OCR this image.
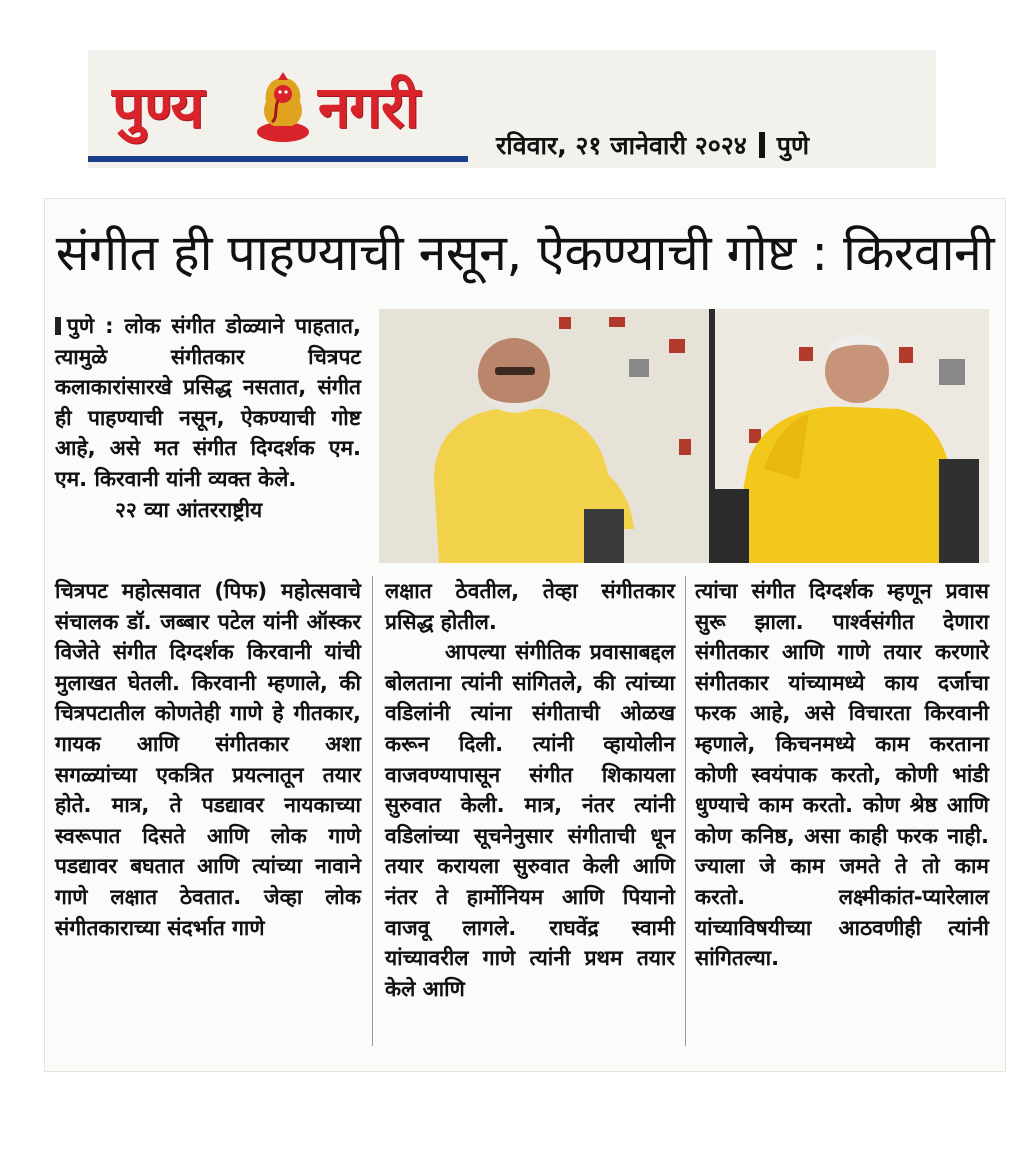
पुण्य नगरी
रविवार, २१ जानेवारी २०२४ पुणे
संगीत ही पाहण्याची नसून, ऐकण्याची गोष्ट : किरवानी

पुणे : लोक संगीत डोळ्याने पाहतात, त्यामुळे संगीतकार चित्रपट कलाकारांसारखे प्रसिद्ध नसतात, संगीत ही पाहण्याची नसून, ऐकण्याची गोष्ट आहे, असे मत संगीत दिग्दर्शक एम. एम. किरवानी यांनी व्यक्त केले.

२२ व्या आंतरराष्ट्रीय

चित्रपट महोत्सवात (पिफ) महोत्सवाचे संचालक डॉ. जब्बार पटेल यांनी ऑस्कर विजेते संगीत दिग्दर्शक किरवानी यांची मुलाखत घेतली. किरवानी म्हणाले, की चित्रपटातील कोणतेही गाणे हे गीतकार, गायक आणि संगीतकार अशा सगळ्यांच्या एकत्रित प्रयत्नातून तयार होते. मात्र, ते पडद्यावर नायकाच्या स्वरूपात दिसते आणि लोक गाणे पडद्यावर बघतात आणि त्यांच्या नावाने गाणे लक्षात ठेवतात. जेव्हा लोक संगीतकाराच्या संदर्भात गाणे

लक्षात ठेवतील, तेव्हा संगीतकार प्रसिद्ध होतील.

आपल्या संगीतिक प्रवासाबद्दल बोलताना त्यांनी सांगितले, की त्यांच्या वडिलांनी त्यांना संगीताची ओळख करून दिली. त्यांनी व्हायोलीन वाजवण्यापासून संगीत शिकायला सुरुवात केली. मात्र, नंतर त्यांनी वडिलांच्या सूचनेनुसार संगीताची धून तयार करायला सुरुवात केली आणि नंतर ते हार्मोनियम आणि पियानो वाजवू लागले. राघवेंद्र स्वामी यांच्यावरील गाणे त्यांनी प्रथम तयार केले आणि

त्यांचा संगीत दिग्दर्शक म्हणून प्रवास सुरू झाला. पार्श्वसंगीत देणारा संगीतकार आणि गाणे तयार करणारे संगीतकार यांच्यामध्ये काय दर्जाचा फरक आहे, असे विचारता किरवानी म्हणाले, किचनमध्ये काम करताना कोणी स्वयंपाक करतो, कोणी भांडी धुण्याचे काम करतो. कोण श्रेष्ठ आणि कोण कनिष्ठ, असा काही फरक नाही. ज्याला जे काम जमते ते तो काम करतो. लक्ष्मीकांत-प्यारेलाल यांच्याविषयीच्या आठवणीही त्यांनी सांगितल्या.
